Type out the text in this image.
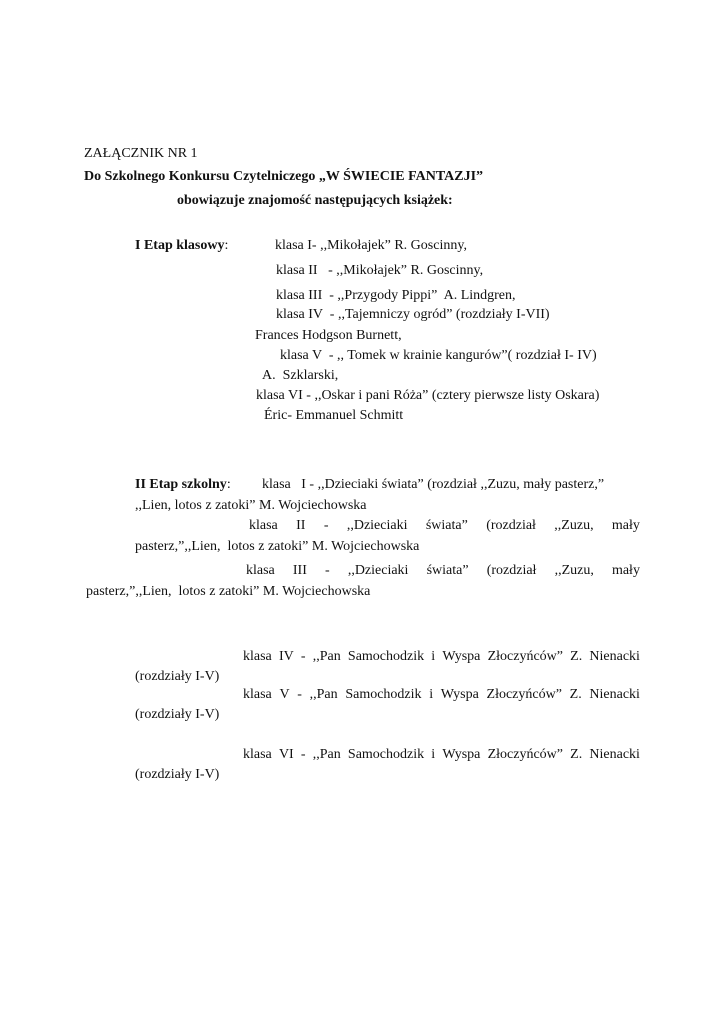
ZAŁĄCZNIK NR 1

Do Szkolnego Konkursu Czytelniczego „W ŚWIECIE FANTAZJI”

obowiązuje znajomość następujących książek:

I Etap klasowy:	klasa I- ,,Mikołajek” R. Goscinny,

klasa II   - ,,Mikołajek” R. Goscinny,

klasa III  - ,,Przygody Pippi”  A. Lindgren,

klasa IV  - ,,Tajemniczy ogród” (rozdziały I-VII)

Frances Hodgson Burnett,

klasa V  - ,, Tomek w krainie kangurów”( rozdział I- IV)

A.  Szklarski,

klasa VI - ,,Oskar i pani Róża” (cztery pierwsze listy Oskara)

Éric- Emmanuel Schmitt

II Etap szkolny: klasa   I - ,,Dzieciaki świata” (rozdział ,,Zuzu, mały pasterz,”

,,Lien, lotos z zatoki” M. Wojciechowska

klasa II - ,,Dzieciaki świata” (rozdział ,,Zuzu, mały

pasterz,”,,Lien,  lotos z zatoki” M. Wojciechowska

klasa III - ,,Dzieciaki świata” (rozdział ,,Zuzu, mały

pasterz,”,,Lien,  lotos z zatoki” M. Wojciechowska

klasa IV - ,,Pan Samochodzik i Wyspa Złoczyńców” Z. Nienacki

(rozdziały I-V)

klasa V - ,,Pan Samochodzik i Wyspa Złoczyńców” Z. Nienacki

(rozdziały I-V)

klasa VI - ,,Pan Samochodzik i Wyspa Złoczyńców” Z. Nienacki

(rozdziały I-V)
